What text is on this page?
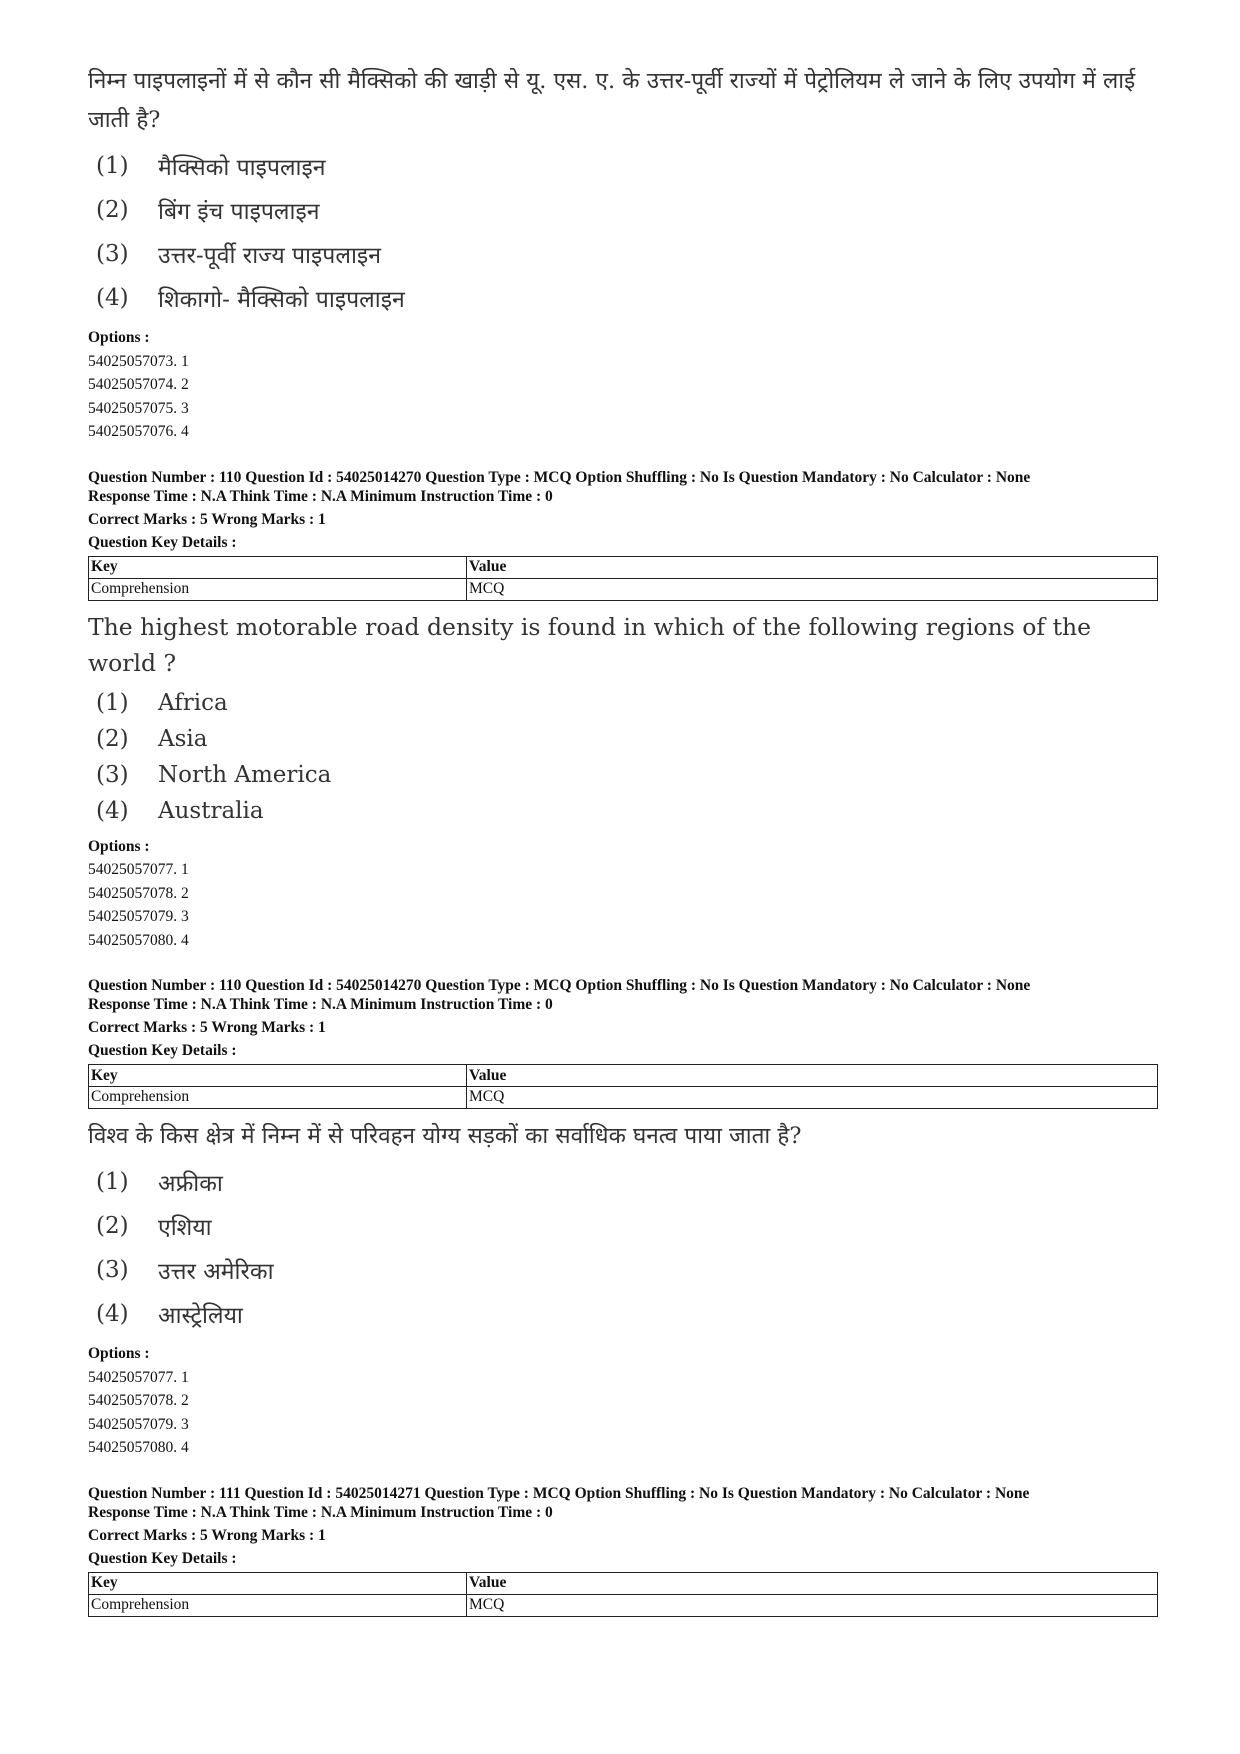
निम्न पाइपलाइनों में से कौन सी मैक्सिको की खाड़ी से यू. एस. ए. के उत्तर-पूर्वी राज्यों में पेट्रोलियम ले जाने के लिए उपयोग में लाई जाती है?
(1)	मैक्सिको पाइपलाइन
(2)	बिंग इंच पाइपलाइन
(3)	उत्तर-पूर्वी राज्य पाइपलाइन
(4)	शिकागो- मैक्सिको पाइपलाइन
Options :
54025057073. 1
54025057074. 2
54025057075. 3
54025057076. 4
Question Number : 110 Question Id : 54025014270 Question Type : MCQ Option Shuffling : No Is Question Mandatory : No Calculator : None
Response Time : N.A Think Time : N.A Minimum Instruction Time : 0
Correct Marks : 5 Wrong Marks : 1
Question Key Details :
Key	Value
Comprehension	MCQ
The highest motorable road density is found in which of the following regions of the world ?
(1)	Africa
(2)	Asia
(3)	North America
(4)	Australia
Options :
54025057077. 1
54025057078. 2
54025057079. 3
54025057080. 4
Question Number : 110 Question Id : 54025014270 Question Type : MCQ Option Shuffling : No Is Question Mandatory : No Calculator : None
Response Time : N.A Think Time : N.A Minimum Instruction Time : 0
Correct Marks : 5 Wrong Marks : 1
Question Key Details :
Key	Value
Comprehension	MCQ
विश्व के किस क्षेत्र में निम्न में से परिवहन योग्य सड़कों का सर्वाधिक घनत्व पाया जाता है?
(1)	अफ्रीका
(2)	एशिया
(3)	उत्तर अमेरिका
(4)	आस्ट्रेलिया
Options :
54025057077. 1
54025057078. 2
54025057079. 3
54025057080. 4
Question Number : 111 Question Id : 54025014271 Question Type : MCQ Option Shuffling : No Is Question Mandatory : No Calculator : None
Response Time : N.A Think Time : N.A Minimum Instruction Time : 0
Correct Marks : 5 Wrong Marks : 1
Question Key Details :
Key	Value
Comprehension	MCQ
